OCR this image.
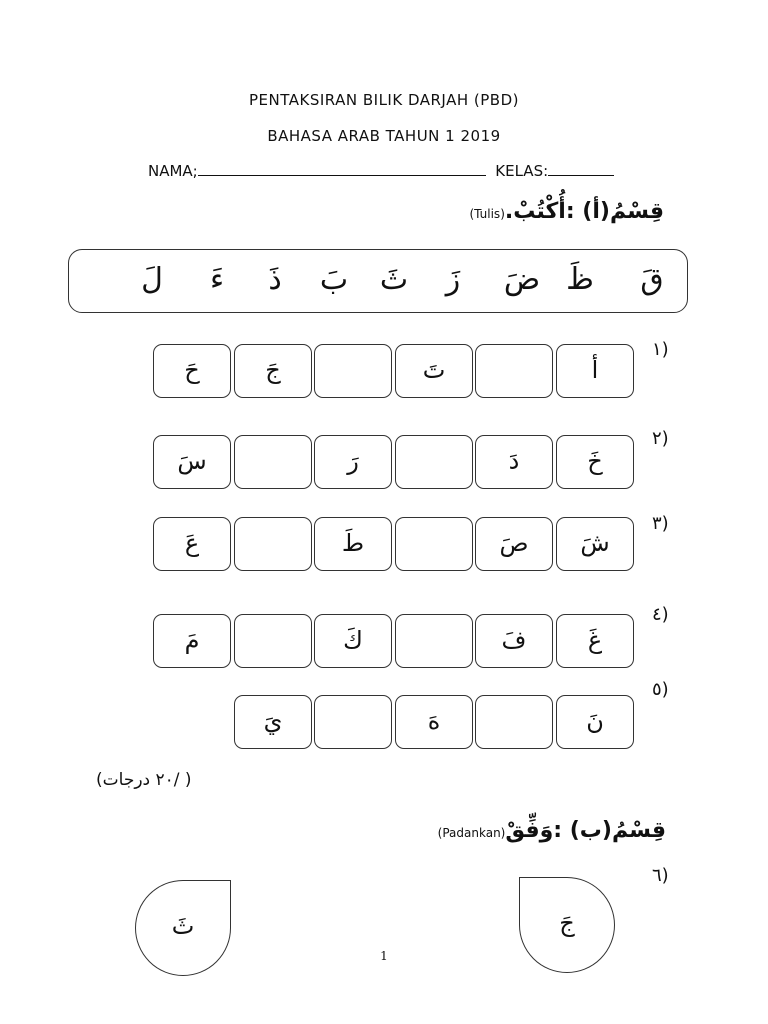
PENTAKSIRAN BILIK DARJAH (PBD)
BAHASA ARAB TAHUN 1 2019
NAMA;	KELAS:
قِسْمُ(أ) :أُكْتُبْ.(Tulis)
قَ
ظَ
ضَ
زَ
ثَ
بَ
ذَ
ءَ
لَ
١)
أ
تَ
جَ
حَ
٢)
خَ
دَ
رَ
سَ
٣)
شَ
صَ
طَ
عَ
٤)
غَ
فَ
كَ
مَ
٥)
نَ
هَ
يَ
( /٢٠ درجات)
قِسْمُ(ب) :وَفِّقْ(Padankan)
٦)
جَ
ثَ
1
